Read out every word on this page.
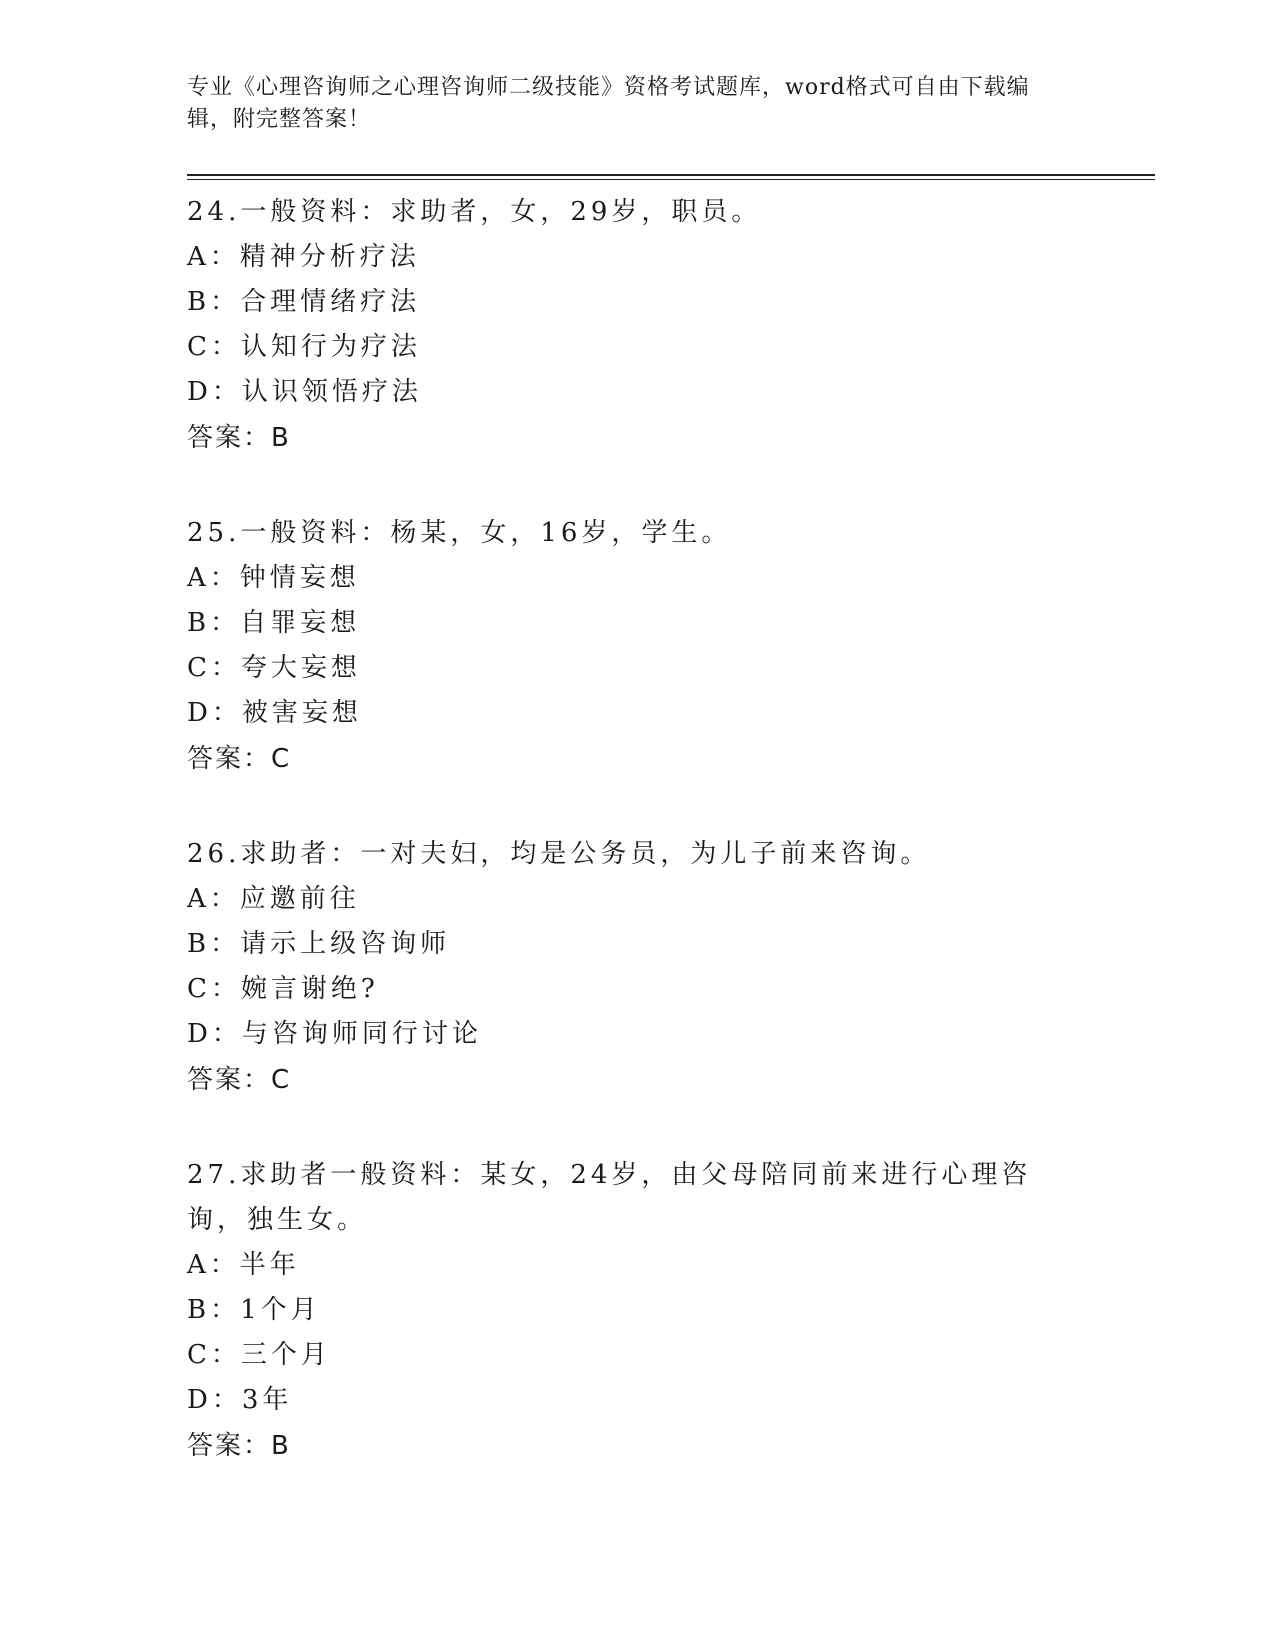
专业《心理咨询师之心理咨询师二级技能》资格考试题库，word格式可自由下载编辑，附完整答案！
24.一般资料：求助者，女，29岁，职员。
A：精神分析疗法
B：合理情绪疗法
C：认知行为疗法
D：认识领悟疗法
答案：B
25.一般资料：杨某，女，16岁，学生。
A：钟情妄想
B：自罪妄想
C：夸大妄想
D：被害妄想
答案：C
26.求助者：一对夫妇，均是公务员，为儿子前来咨询。
A：应邀前往
B：请示上级咨询师
C：婉言谢绝?
D：与咨询师同行讨论
答案：C
27.求助者一般资料：某女，24岁，由父母陪同前来进行心理咨询，独生女。
A：半年
B：1个月
C：三个月
D：3年
答案：B
